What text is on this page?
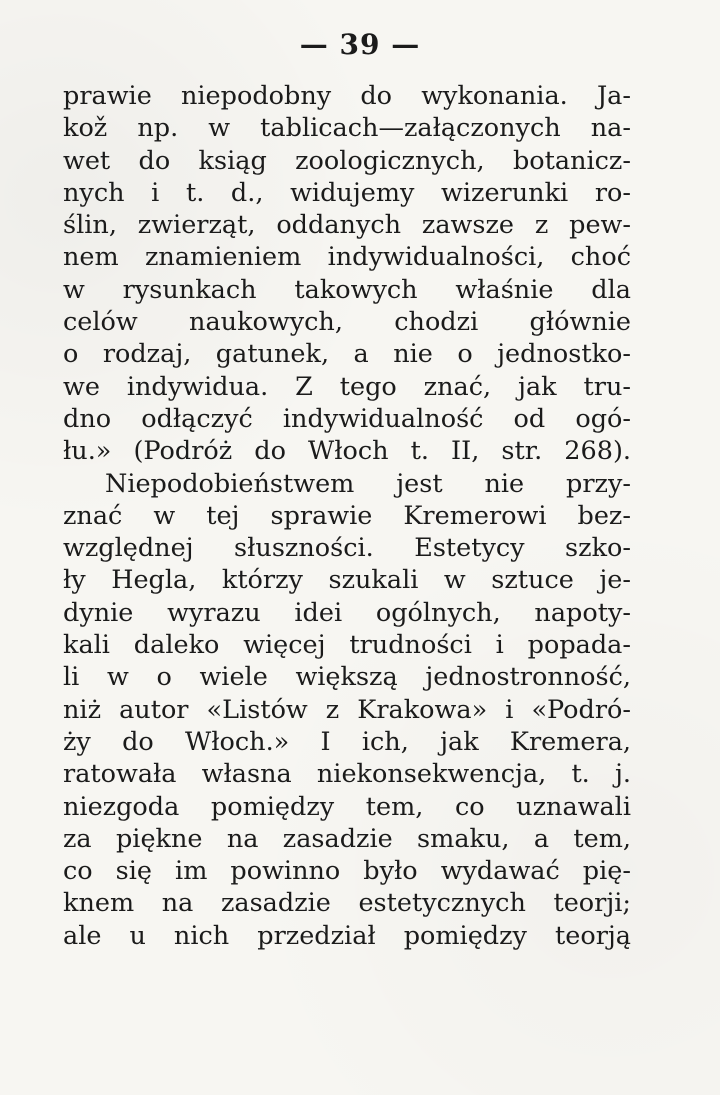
— 39 —
prawie niepodobny do wykonania. Ja-
kož np. w tablicach—załączonych na-
wet do ksiąg zoologicznych, botanicz-
nych i t. d., widujemy wizerunki ro-
ślin, zwierząt, oddanych zawsze z pew-
nem znamieniem indywidualności, choć
w rysunkach takowych właśnie dla
celów naukowych, chodzi głównie
o rodzaj, gatunek, a nie o jednostko-
we indywidua. Z tego znać, jak tru-
dno odłączyć indywidualność od ogó-
łu.» (Podróż do Włoch t. II, str. 268).
Niepodobieństwem jest nie przy-
znać w tej sprawie Kremerowi bez-
względnej słuszności. Estetycy szko-
ły Hegla, którzy szukali w sztuce je-
dynie wyrazu idei ogólnych, napoty-
kali daleko więcej trudności i popada-
li w o wiele większą jednostronność,
niż autor «Listów z Krakowa» i «Podró-
ży do Włoch.» I ich, jak Kremera,
ratowała własna niekonsekwencja, t. j.
niezgoda pomiędzy tem, co uznawali
za piękne na zasadzie smaku, a tem,
co się im powinno było wydawać pię-
knem na zasadzie estetycznych teorji;
ale u nich przedział pomiędzy teorją
